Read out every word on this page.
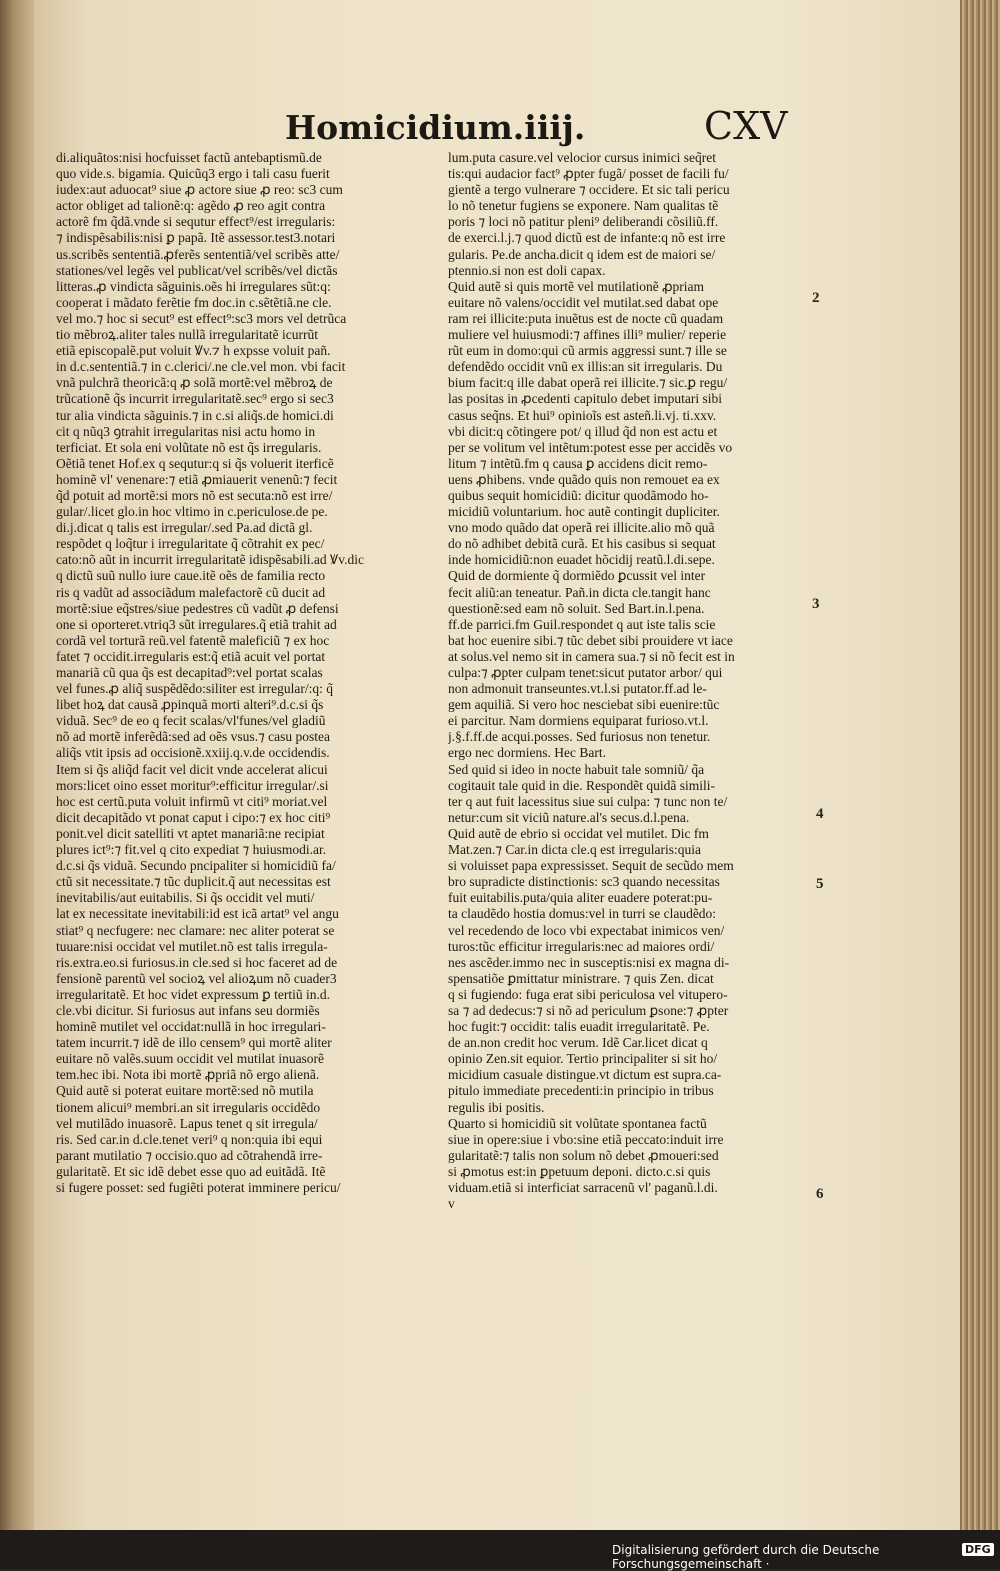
Homicidium.iiij.	CXV
di.aliquãtos:nisi hocfuisset factũ antebaptismũ.de
quo vide.s. bigamia. Quicũq3 ergo i tali casu fuerit
iudex:aut aduocat⁹ siue ꝓ actore siue ꝓ reo: sc3 cum
actor obliget ad talionẽ:q: agẽdo ꝓ reo agit contra
actorẽ fm q̃dã.vnde si sequtur effect⁹/est irregularis:
⁊ indispẽsabilis:nisi ꝑ papã. Itẽ assessor.test3.notari
us.scribẽs sententiã.ꝓferẽs sententiã/vel scribẽs atte/
stationes/vel legẽs vel publicat/vel scribẽs/vel dictãs
litteras.ꝓ vindicta sãguinis.oẽs hi irregulares sũt:q:
cooperat i mãdato ferẽtie fm doc.in c.sẽtẽtiã.ne cle.
vel mo.⁊ hoc si secut⁹ est effect⁹:sc3 mors vel detrũca
tio mẽbroꝝ.aliter tales nullã irregularitatẽ icurrũt
etiã episcopalẽ.put voluit Ꝟv.⁊ h expsse voluit pañ.
in d.c.sententiã.⁊ in c.clerici/.ne cle.vel mon. vbi facit
vnã pulchrã theoricã:q ꝓ solã mortẽ:vel mẽbroꝝ de
trũcationẽ q̃s incurrit irregularitatẽ.sec⁹ ergo si sec3
tur alia vindicta sãguinis.⁊ in c.si aliq̃s.de homici.di
cit q nũq3 ꝯtrahit irregularitas nisi actu homo in
terficiat. Et sola eni volũtate nõ est q̃s irregularis.
Oẽtiã tenet Hof.ex q sequtur:q si q̃s voluerit iterficẽ
hominẽ vl' venenare:⁊ etiã ꝓmiauerit venenũ:⁊ fecit
q̃d potuit ad mortẽ:si mors nõ est secuta:nõ est irre/
gular/.licet glo.in hoc vltimo in c.periculose.de pe.
di.j.dicat q talis est irregular/.sed Pa.ad dictã gl.
respõdet q loq̃tur i irregularitate q̃ cõtrahit ex pec/
cato:nõ aũt in incurrit irregularitatẽ idispẽsabili.ad Ꝟv.dic
q dictũ suũ nullo iure caue.itẽ oẽs de familia recto
ris q vadũt ad associãdum malefactorẽ cũ ducit ad
mortẽ:siue eq̃stres/siue pedestres cũ vadũt ꝓ defensi
one si oporteret.vtriq3 sũt irregulares.q̃ etiã trahit ad
cordã vel torturã reũ.vel fatentẽ maleficiũ ⁊ ex hoc
fatet ⁊ occidit.irregularis est:q̃ etiã acuit vel portat
manariã cũ qua q̃s est decapitad⁹:vel portat scalas
vel funes.ꝓ aliq̃ suspẽdẽdo:siliter est irregular/:q: q̃
libet hoꝝ dat causã ꝓpinquã morti alteri⁹.d.c.si q̃s
viduã. Sec⁹ de eo q fecit scalas/vl'funes/vel gladiũ
nõ ad mortẽ inferẽdã:sed ad oẽs vsus.⁊ casu postea
aliq̃s vtit ipsis ad occisionẽ.xxiij.q.v.de occidendis.
Item si q̃s aliq̃d facit vel dicit vnde accelerat alicui
mors:licet oino esset moritur⁹:efficitur irregular/.si
hoc est certũ.puta voluit infirmũ vt citi⁹ moriat.vel
dicit decapitãdo vt ponat caput i cipo:⁊ ex hoc citi⁹
ponit.vel dicit satelliti vt aptet manariã:ne recipiat
plures ict⁹:⁊ fit.vel q cito expediat ⁊ huiusmodi.ar.
d.c.si q̃s viduã. Secundo pncipaliter si homicidiũ fa/
ctũ sit necessitate.⁊ tũc duplicit.q̃ aut necessitas est
inevitabilis/aut euitabilis. Si q̃s occidit vel muti/
lat ex necessitate inevitabili:id est icã artat⁹ vel angu
stiat⁹ q necfugere: nec clamare: nec aliter poterat se
tuuare:nisi occidat vel mutilet.nõ est talis irregula-
ris.extra.eo.si furiosus.in cle.sed si hoc faceret ad de
fensionẽ parentũ vel socioꝝ vel alioꝝum nõ cuader3
irregularitatẽ. Et hoc videt expressum ꝑ tertiũ in.d.
cle.vbi dicitur. Si furiosus aut infans seu dormiẽs
hominẽ mutilet vel occidat:nullã in hoc irregulari-
tatem incurrit.⁊ idẽ de illo censem⁹ qui mortẽ aliter
euitare nõ valẽs.suum occidit vel mutilat inuasorẽ
tem.hec ibi. Nota ibi mortẽ ꝓpriã nõ ergo alienã.
Quid autẽ si poterat euitare mortẽ:sed nõ mutila
tionem alicui⁹ membri.an sit irregularis occidẽdo
vel mutilãdo inuasorẽ. Lapus tenet q sit irregula/
ris. Sed car.in d.cle.tenet veri⁹ q non:quia ibi equi
parant mutilatio ⁊ occisio.quo ad cõtrahendã irre-
gularitatẽ. Et sic idẽ debet esse quo ad euitãdã. Itẽ
si fugere posset: sed fugiẽti poterat imminere pericu/
lum.puta casure.vel velocior cursus inimici seq̃ret
tis:qui audacior fact⁹ ꝓpter fugã/ posset de facili fu/
gientẽ a tergo vulnerare ⁊ occidere. Et sic tali pericu
lo nõ tenetur fugiens se exponere. Nam qualitas tẽ
poris ⁊ loci nõ patitur pleni⁹ deliberandi cõsiliũ.ff.
de exerci.l.j.⁊ quod dictũ est de infante:q nõ est irre
gularis. Pe.de ancha.dicit q idem est de maiori se/
ptennio.si non est doli capax.
Quid autẽ si quis mortẽ vel mutilationẽ ꝓpriam
euitare nõ valens/occidit vel mutilat.sed dabat ope
ram rei illicite:puta inuẽtus est de nocte cũ quadam
muliere vel huiusmodi:⁊ affines illi⁹ mulier/ reperie
rũt eum in domo:qui cũ armis aggressi sunt.⁊ ille se
defendẽdo occidit vnũ ex illis:an sit irregularis. Du
bium facit:q ille dabat operã rei illicite.⁊ sic.ꝑ regu/
las positas in ꝓcedenti capitulo debet imputari sibi
casus seq̃ns. Et hui⁹ opinioĩs est asteñ.li.vj. ti.xxv.
vbi dicit:q cõtingere pot/ q illud q̃d non est actu et
per se volitum vel intẽtum:potest esse per accidẽs vo
litum ⁊ intẽtũ.fm q causa ꝑ accidens dicit remo-
uens ꝓhibens. vnde quãdo quis non remouet ea ex
quibus sequit homicidiũ: dicitur quodãmodo ho-
micidiũ voluntarium. hoc autẽ contingit dupliciter.
vno modo quãdo dat operã rei illicite.alio mõ quã
do nõ adhibet debitã curã. Et his casibus si sequat
inde homicidiũ:non euadet hõcidij reatũ.l.di.sepe.
Quid de dormiente q̃ dormiẽdo ꝑcussit vel inter
fecit aliũ:an teneatur. Pañ.in dicta cle.tangit hanc
questionẽ:sed eam nõ soluit. Sed Bart.in.l.pena.
ff.de parrici.fm Guil.respondet q aut iste talis scie
bat hoc euenire sibi.⁊ tũc debet sibi prouidere vt iace
at solus.vel nemo sit in camera sua.⁊ si nõ fecit est in
culpa:⁊ ꝓpter culpam tenet:sicut putator arbor/ qui
non admonuit transeuntes.vt.l.si putator.ff.ad le-
gem aquiliã. Si vero hoc nesciebat sibi euenire:tũc
ei parcitur. Nam dormiens equiparat furioso.vt.l.
j.§.f.ff.de acqui.posses. Sed furiosus non tenetur.
ergo nec dormiens. Hec Bart.
Sed quid si ideo in nocte habuit tale somniũ/ q̃a
cogitauit tale quid in die. Respondẽt quidã simili-
ter q aut fuit lacessitus siue sui culpa: ⁊ tunc non te/
netur:cum sit viciũ nature.al's secus.d.l.pena.
Quid autẽ de ebrio si occidat vel mutilet. Dic fm
Mat.zen.⁊ Car.in dicta cle.q est irregularis:quia
si voluisset papa expressisset. Sequit de secũdo mem
bro supradicte distinctionis: sc3 quando necessitas
fuit euitabilis.puta/quia aliter euadere poterat:pu-
ta claudẽdo hostia domus:vel in turri se claudẽdo:
vel recedendo de loco vbi expectabat inimicos ven/
turos:tũc efficitur irregularis:nec ad maiores ordi/
nes ascẽder.immo nec in susceptis:nisi ex magna di-
spensatiõe ꝑmittatur ministrare. ⁊ quis Zen. dicat
q si fugiendo: fuga erat sibi periculosa vel vitupero-
sa ⁊ ad dedecus:⁊ si nõ ad periculum ꝑsone:⁊ ꝓpter
hoc fugit:⁊ occidit: talis euadit irregularitatẽ. Pe.
de an.non credit hoc verum. Idẽ Car.licet dicat q
opinio Zen.sit equior. Tertio principaliter si sit ho/
micidium casuale distingue.vt dictum est supra.ca-
pitulo immediate precedenti:in principio in tribus
regulis ibi positis.
Quarto si homicidiũ sit volũtate spontanea factũ
siue in opere:siue i vbo:sine etiã peccato:induit irre
gularitatẽ:⁊ talis non solum nõ debet ꝓmoueri:sed
si ꝓmotus est:in ꝑpetuum deponi. dicto.c.si quis
viduam.etiã si interficiat sarracenũ vl' paganũ.l.di.
v
2
3
4
5
6
Digitalisierung gefördert durch die Deutsche Forschungsgemeinschaft ·
DFG
